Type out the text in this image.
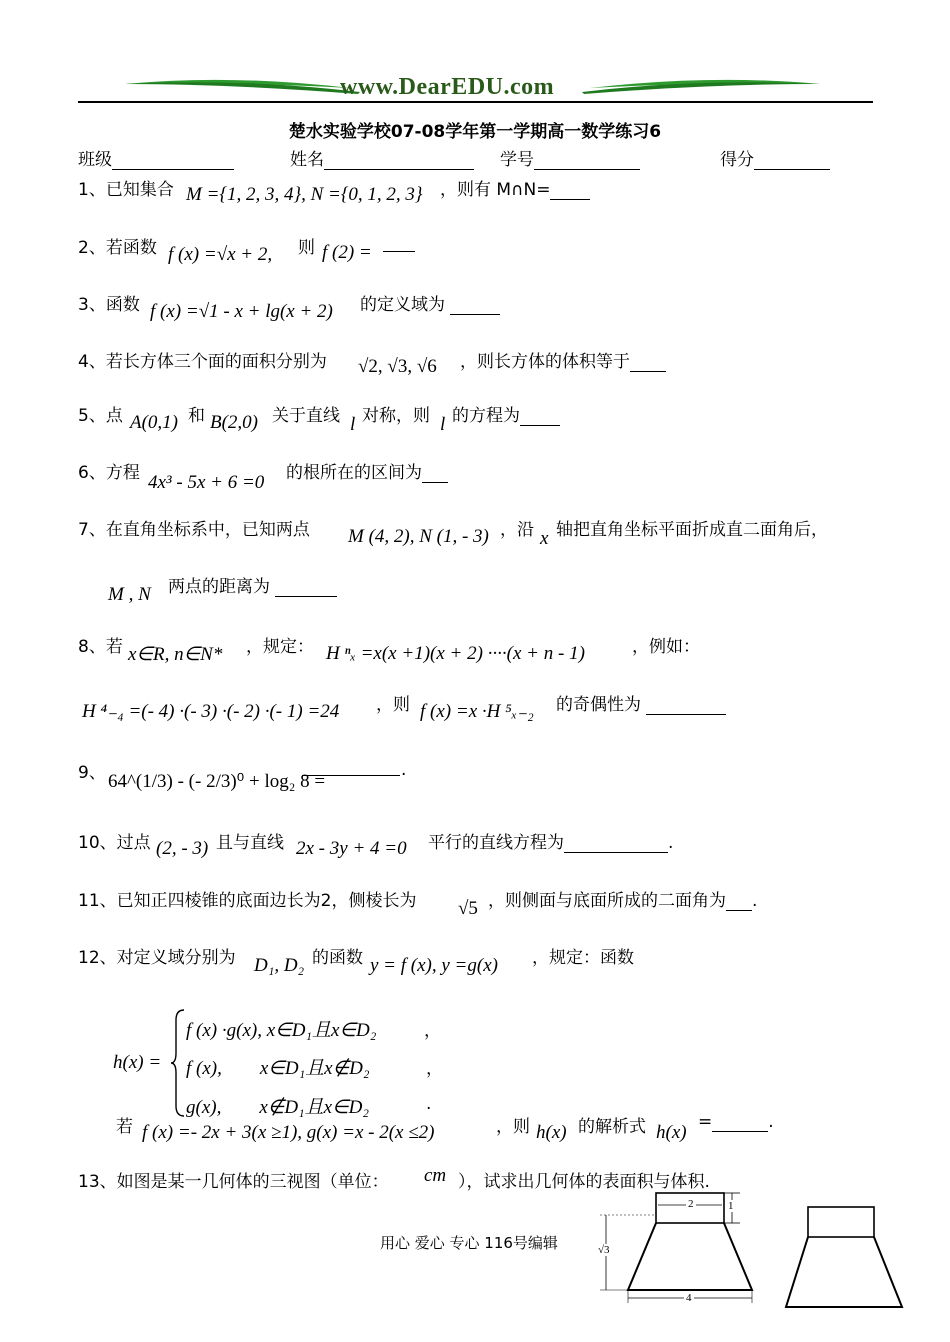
www.DearEDU.com
楚水实验学校07-08学年第一学期高一数学练习6
班级	姓名	学号	得分
1、已知集合 M ={1, 2, 3, 4}, N ={0, 1, 2, 3} ，则有 M∩N=
2、若函数 f (x) =√x + 2, 则 f (2) =
3、函数 f (x) =√1 - x + lg(x + 2) 的定义域为
4、若长方体三个面的面积分别为 √2, √3, √6 ，则长方体的体积等于
5、点 A(0,1) 和 B(2,0) 关于直线 l 对称，则 l 的方程为
6、方程 4x³ - 5x + 6 =0 的根所在的区间为
7、在直角坐标系中，已知两点 M (4, 2), N (1, - 3) ，沿 x 轴把直角坐标平面折成直二面角后，
M , N 两点的距离为
8、若 x∈R, n∈N* ，规定： H ⁿₓ =x(x +1)(x + 2) ····(x + n - 1)	，例如：
H ⁴₋₄ =(- 4) ·(- 3) ·(- 2) ·(- 1) =24 ，则 f (x) =x ·H ⁵ₓ₋₂ 的奇偶性为
9、 64^(1/3) - (- 2/3)⁰ + log₂ 8 =
.
10、过点 (2, - 3) 且与直线 2x - 3y + 4 =0 平行的直线方程为	.
11、已知正四棱锥的底面边长为2，侧棱长为 √5 ，则侧面与底面所成的二面角为 .
12、对定义域分别为 D₁, D₂ 的函数 y = f (x), y =g(x) ，规定：函数
h(x) =
f (x) ·g(x), x∈D₁且x∈D₂	，
f (x),        x∈D₁且x∉D₂	，
g(x),        x∉D₁且x∈D₂	.
若 f (x) =- 2x + 3(x ≥1), g(x) =x - 2(x ≤2)	，则 h(x) 的解析式 h(x) =	.
13、如图是某一几何体的三视图（单位： cm ），试求出几何体的表面积与体积.
2	1
√3
4
用心 爱心 专心 116号编辑
